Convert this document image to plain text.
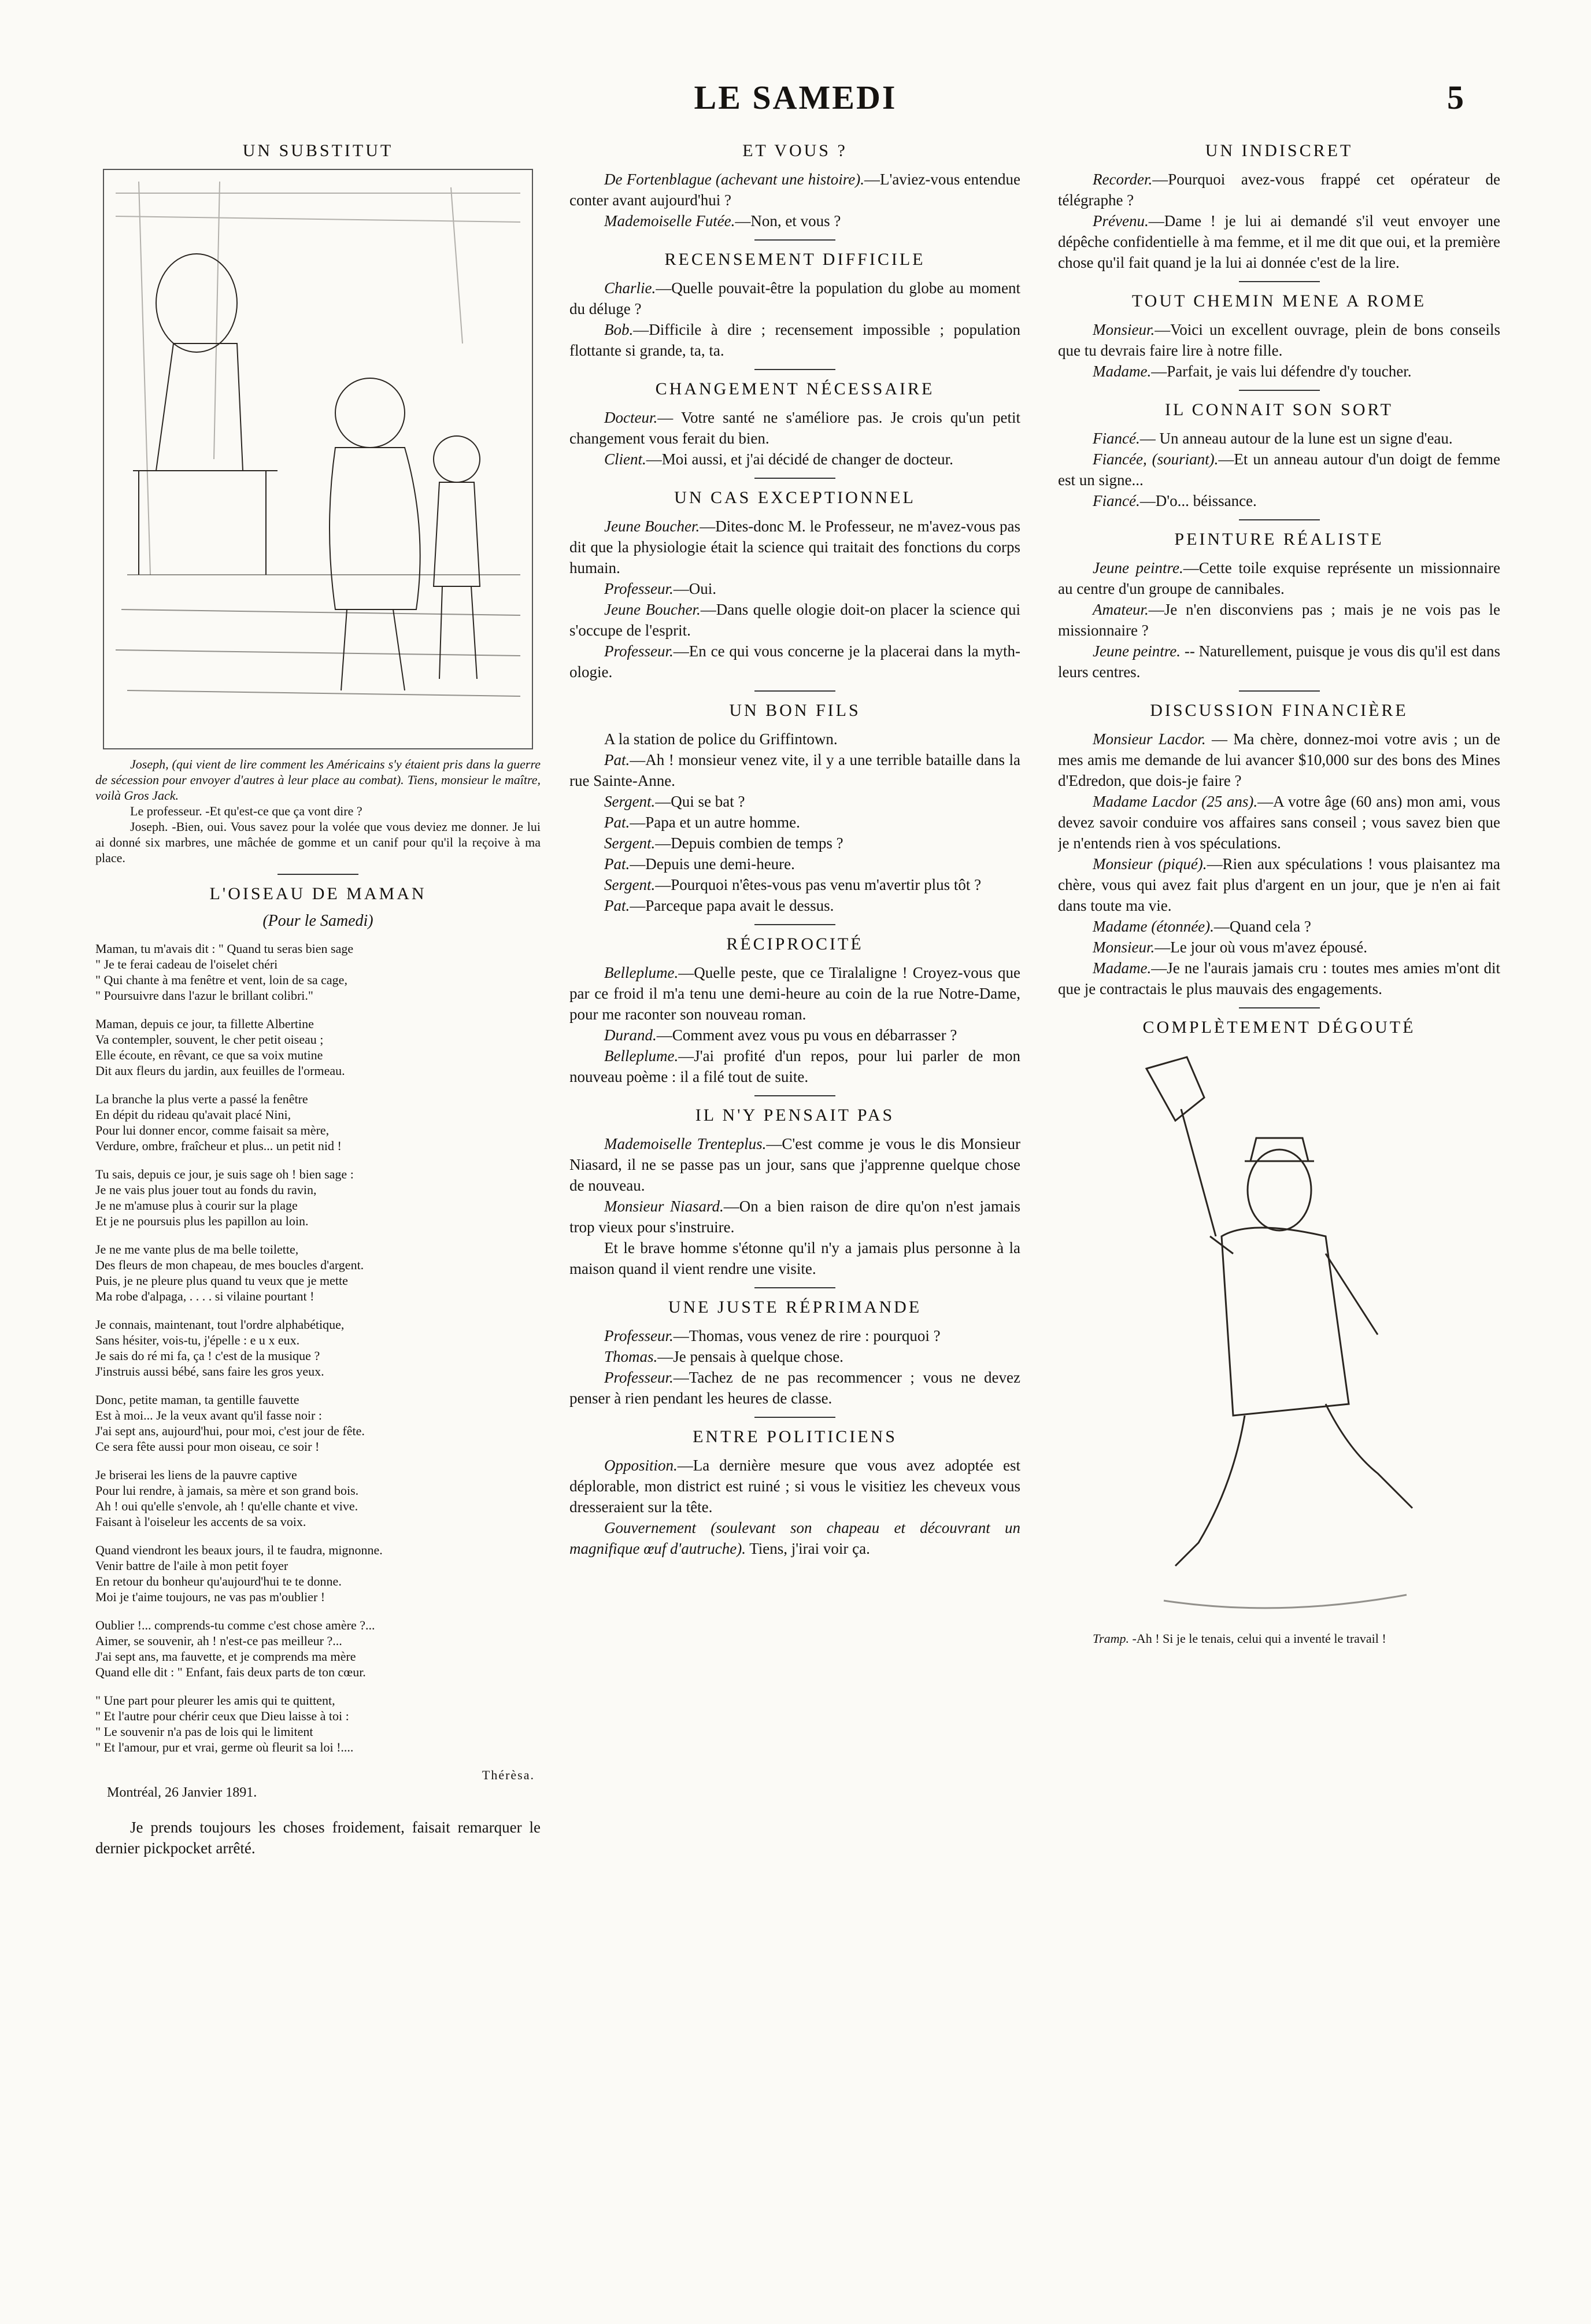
LE SAMEDI	5
UN SUBSTITUT

Joseph, (qui vient de lire comment les Américains s'y étaient pris dans la guerre de sécession pour envoyer d'autres à leur place au combat). Tiens, monsieur le maître, voilà Gros Jack.

Le professeur. -Et qu'est-ce que ça vont dire ?

Joseph. -Bien, oui. Vous savez pour la volée que vous deviez me donner. Je lui ai donné six marbres, une mâchée de gomme et un canif pour qu'il la reçoive à ma place.

L'OISEAU DE MAMAN
(Pour le Samedi)
Maman, tu m'avais dit : " Quand tu seras bien sage
" Je te ferai cadeau de l'oiselet chéri
" Qui chante à ma fenêtre et vent, loin de sa cage,
" Poursuivre dans l'azur le brillant colibri."
Maman, depuis ce jour, ta fillette Albertine
Va contempler, souvent, le cher petit oiseau ;
Elle écoute, en rêvant, ce que sa voix mutine
Dit aux fleurs du jardin, aux feuilles de l'ormeau.
La branche la plus verte a passé la fenêtre
En dépit du rideau qu'avait placé Nini,
Pour lui donner encor, comme faisait sa mère,
Verdure, ombre, fraîcheur et plus... un petit nid !
Tu sais, depuis ce jour, je suis sage oh ! bien sage :
Je ne vais plus jouer tout au fonds du ravin,
Je ne m'amuse plus à courir sur la plage
Et je ne poursuis plus les papillon au loin.
Je ne me vante plus de ma belle toilette,
Des fleurs de mon chapeau, de mes boucles d'argent.
Puis, je ne pleure plus quand tu veux que je mette
Ma robe d'alpaga, . . . . si vilaine pourtant !
Je connais, maintenant, tout l'ordre alphabétique,
Sans hésiter, vois-tu, j'épelle : e u x eux.
Je sais do ré mi fa, ça ! c'est de la musique ?
J'instruis aussi bébé, sans faire les gros yeux.
Donc, petite maman, ta gentille fauvette
Est à moi... Je la veux avant qu'il fasse noir :
J'ai sept ans, aujourd'hui, pour moi, c'est jour de fête.
Ce sera fête aussi pour mon oiseau, ce soir !
Je briserai les liens de la pauvre captive
Pour lui rendre, à jamais, sa mère et son grand bois.
Ah ! oui qu'elle s'envole, ah ! qu'elle chante et vive.
Faisant à l'oiseleur les accents de sa voix.
Quand viendront les beaux jours, il te faudra, mignonne.
Venir battre de l'aile à mon petit foyer
En retour du bonheur qu'aujourd'hui te te donne.
Moi je t'aime toujours, ne vas pas m'oublier !
Oublier !... comprends-tu comme c'est chose amère ?...
Aimer, se souvenir, ah ! n'est-ce pas meilleur ?...
J'ai sept ans, ma fauvette, et je comprends ma mère
Quand elle dit : " Enfant, fais deux parts de ton cœur.
" Une part pour pleurer les amis qui te quittent,
" Et l'autre pour chérir ceux que Dieu laisse à toi :
" Le souvenir n'a pas de lois qui le limitent
" Et l'amour, pur et vrai, germe où fleurit sa loi !....
Thérèsa.
Montréal, 26 Janvier 1891.

Je prends toujours les choses froidement, faisait remarquer le dernier pickpocket arrêté.

ET VOUS ?

De Fortenblague (achevant une histoire).—L'aviez-vous entendue conter avant aujourd'hui ?

Mademoiselle Futée.—Non, et vous ?

RECENSEMENT DIFFICILE

Charlie.—Quelle pouvait-être la population du globe au moment du déluge ?

Bob.—Difficile à dire ; recensement impossible ; population flottante si grande, ta, ta.

CHANGEMENT NÉCESSAIRE

Docteur.— Votre santé ne s'améliore pas. Je crois qu'un petit changement vous ferait du bien.

Client.—Moi aussi, et j'ai décidé de changer de docteur.

UN CAS EXCEPTIONNEL

Jeune Boucher.—Dites-donc M. le Professeur, ne m'avez-vous pas dit que la physiologie était la science qui traitait des fonctions du corps humain.

Professeur.—Oui.

Jeune Boucher.—Dans quelle ologie doit-on placer la science qui s'occupe de l'esprit.

Professeur.—En ce qui vous concerne je la placerai dans la myth-ologie.

UN BON FILS

A la station de police du Griffintown.

Pat.—Ah ! monsieur venez vite, il y a une terrible bataille dans la rue Sainte-Anne.

Sergent.—Qui se bat ?

Pat.—Papa et un autre homme.

Sergent.—Depuis combien de temps ?

Pat.—Depuis une demi-heure.

Sergent.—Pourquoi n'êtes-vous pas venu m'avertir plus tôt ?

Pat.—Parceque papa avait le dessus.

RÉCIPROCITÉ

Belleplume.—Quelle peste, que ce Tiralaligne ! Croyez-vous que par ce froid il m'a tenu une demi-heure au coin de la rue Notre-Dame, pour me raconter son nouveau roman.

Durand.—Comment avez vous pu vous en débarrasser ?

Belleplume.—J'ai profité d'un repos, pour lui parler de mon nouveau poème : il a filé tout de suite.

IL N'Y PENSAIT PAS

Mademoiselle Trenteplus.—C'est comme je vous le dis Monsieur Niasard, il ne se passe pas un jour, sans que j'apprenne quelque chose de nouveau.

Monsieur Niasard.—On a bien raison de dire qu'on n'est jamais trop vieux pour s'instruire.

Et le brave homme s'étonne qu'il n'y a jamais plus personne à la maison quand il vient rendre une visite.

UNE JUSTE RÉPRIMANDE

Professeur.—Thomas, vous venez de rire : pourquoi ?

Thomas.—Je pensais à quelque chose.

Professeur.—Tachez de ne pas recommencer ; vous ne devez penser à rien pendant les heures de classe.

ENTRE POLITICIENS

Opposition.—La dernière mesure que vous avez adoptée est déplorable, mon district est ruiné ; si vous le visitiez les cheveux vous dresseraient sur la tête.

Gouvernement (soulevant son chapeau et découvrant un magnifique œuf d'autruche). Tiens, j'irai voir ça.

UN INDISCRET

Recorder.—Pourquoi avez-vous frappé cet opérateur de télégraphe ?

Prévenu.—Dame ! je lui ai demandé s'il veut envoyer une dépêche confidentielle à ma femme, et il me dit que oui, et la première chose qu'il fait quand je la lui ai donnée c'est de la lire.

TOUT CHEMIN MENE A ROME

Monsieur.—Voici un excellent ouvrage, plein de bons conseils que tu devrais faire lire à notre fille.

Madame.—Parfait, je vais lui défendre d'y toucher.

IL CONNAIT SON SORT

Fiancé.— Un anneau autour de la lune est un signe d'eau.

Fiancée, (souriant).—Et un anneau autour d'un doigt de femme est un signe...

Fiancé.—D'o... béissance.

PEINTURE RÉALISTE

Jeune peintre.—Cette toile exquise représente un missionnaire au centre d'un groupe de cannibales.

Amateur.—Je n'en disconviens pas ; mais je ne vois pas le missionnaire ?

Jeune peintre. -- Naturellement, puisque je vous dis qu'il est dans leurs centres.

DISCUSSION FINANCIÈRE

Monsieur Lacdor. — Ma chère, donnez-moi votre avis ; un de mes amis me demande de lui avancer $10,000 sur des bons des Mines d'Edredon, que dois-je faire ?

Madame Lacdor (25 ans).—A votre âge (60 ans) mon ami, vous devez savoir conduire vos affaires sans conseil ; vous savez bien que je n'entends rien à vos spéculations.

Monsieur (piqué).—Rien aux spéculations ! vous plaisantez ma chère, vous qui avez fait plus d'argent en un jour, que je n'en ai fait dans toute ma vie.

Madame (étonnée).—Quand cela ?

Monsieur.—Le jour où vous m'avez épousé.

Madame.—Je ne l'aurais jamais cru : toutes mes amies m'ont dit que je contractais le plus mauvais des engagements.

COMPLÈTEMENT DÉGOUTÉ

Tramp. -Ah ! Si je le tenais, celui qui a inventé le travail !
